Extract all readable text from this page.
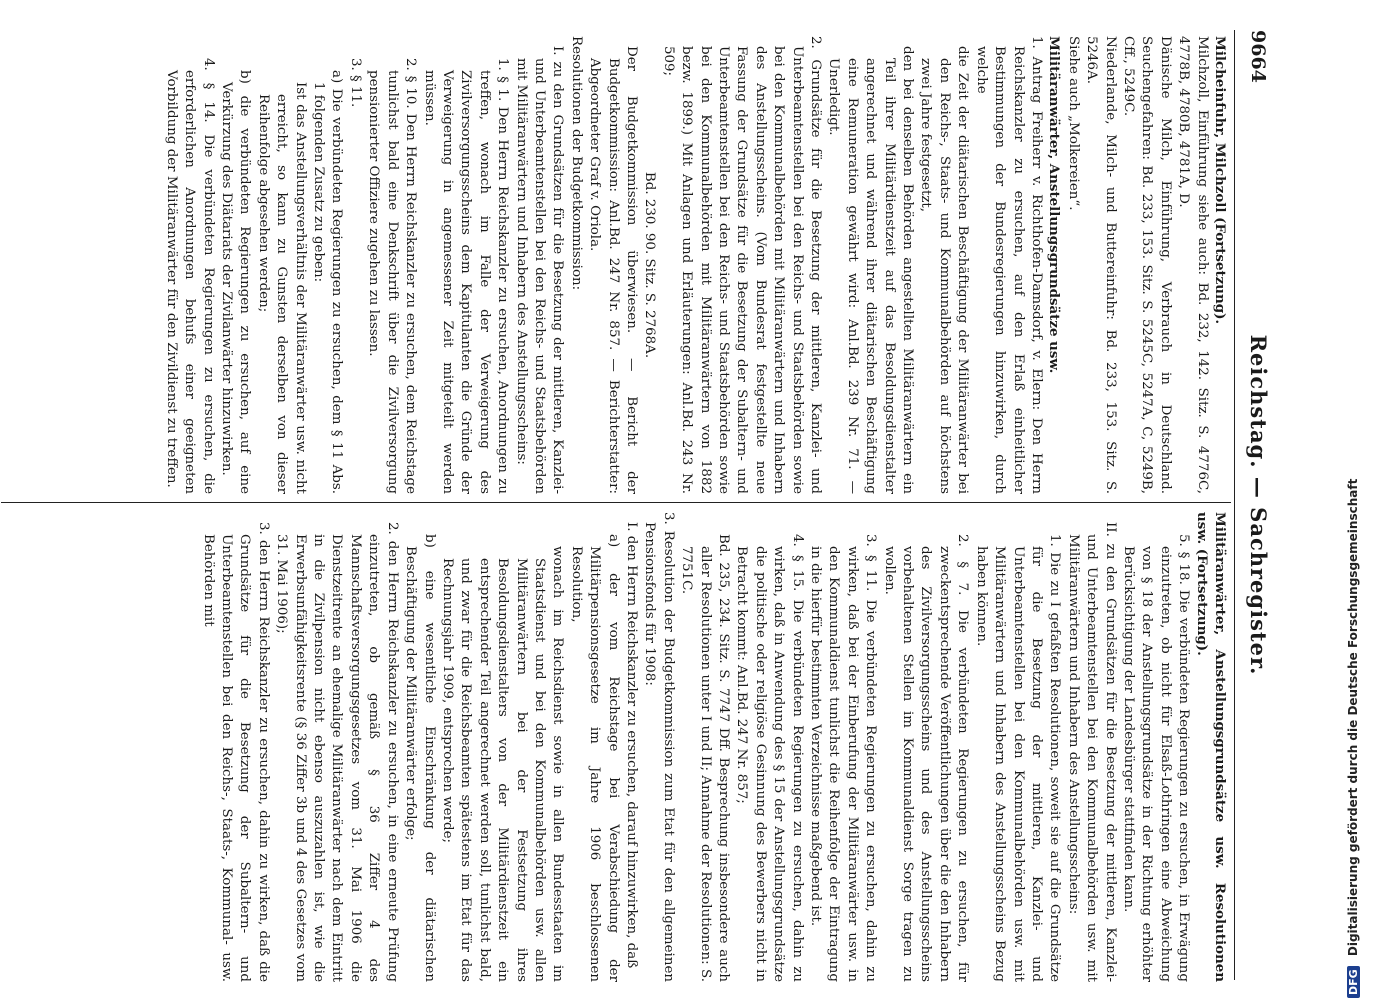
9664
Reichstag. — Sachregister.

Milcheinfuhr, Milchzoll (Fortsetzung).

Milchzoll, Einführung siehe auch: Bd. 232, 142. Sitz. S. 4776C, 4778B, 4780B, 4781A, D.

Dänische Milch, Einführung, Verbrauch in Deutschland. Seuchengefahren: Bd. 233, 153. Sitz. S. 5245C, 5247A, C, 5249B, Cff., 5249C.

Niederlande, Milch- und Buttereinfuhr: Bd. 233, 153. Sitz. S. 5246A.

Siehe auch „Molkereien“.

Militäranwärter, Anstellungsgrundsätze usw.

1. Antrag Freiherr v. Richthofen-Damsdorf, v. Elern: Den Herrn Reichskanzler zu ersuchen, auf den Erlaß einheitlicher Bestimmungen der Bundesregierungen hinzuwirken, durch welche

die Zeit der diätarischen Beschäftigung der Militäranwärter bei den Reichs-, Staats- und Kommunalbehörden auf höchstens zwei Jahre festgesetzt,

den bei denselben Behörden angestellten Militäranwärtern ein Teil ihrer Militärdienstzeit auf das Besoldungsdienstalter angerechnet und während ihrer diätarischen Beschäftigung eine Remuneration gewährt wird: Anl.Bd. 239 Nr. 71. — Unerledigt.

2. Grundsätze für die Besetzung der mittleren, Kanzlei- und Unterbeamtenstellen bei den Reichs- und Staatsbehörden sowie bei den Kommunalbehörden mit Militäranwärtern und Inhabern des Anstellungsscheins. (Vom Bundesrat festgestellte neue Fassung der Grundsätze für die Besetzung der Subaltern- und Unterbeamtenstellen bei den Reichs- und Staatsbehörden sowie bei den Kommunalbehörden mit Militäranwärtern von 1882 bezw. 1899.) Mit Anlagen und Erläuterungen: Anl.Bd. 243 Nr. 509;

Bd. 230. 90. Sitz. S. 2768A.

Der Budgetkommission überwiesen. — Bericht der Budgetkommission: Anl.Bd. 247 Nr. 857. — Berichterstatter: Abgeordneter Graf v. Oriola.

Resolutionen der Budgetkommission:

I. zu den Grundsätzen für die Besetzung der mittleren, Kanzlei- und Unterbeamtenstellen bei den Reichs- und Staatsbehörden mit Militäranwärtern und Inhabern des Anstellungsscheins:

1. § 1. Den Herrn Reichskanzler zu ersuchen, Anordnungen zu treffen, wonach im Falle der Verweigerung des Zivilversorgungsscheins dem Kapitulanten die Gründe der Verweigerung in angemessener Zeit mitgeteilt werden müssen.

2. § 10. Den Herrn Reichskanzler zu ersuchen, dem Reichstage tunlichst bald eine Denkschrift über die Zivilversorgung pensionierter Offiziere zugehen zu lassen.

3. § 11.

a) Die verbündeten Regierungen zu ersuchen, dem § 11 Abs. 1 folgenden Zusatz zu geben:

Ist das Anstellungsverhältnis der Militäranwärter usw. nicht erreicht, so kann zu Gunsten derselben von dieser Reihenfolge abgesehen werden;

b) die verbündeten Regierungen zu ersuchen, auf eine Verkürzung des Diätariats der Zivilanwärter hinzuwirken.

4. § 14. Die verbündeten Regierungen zu ersuchen, die erforderlichen Anordnungen behufs einer geeigneten Vorbildung der Militäranwärter für den Zivildienst zu treffen.

Militäranwärter, Anstellungsgrundsätze usw. Resolutionen usw. (Fortsetzung).

5. § 18. Die verbündeten Regierungen zu ersuchen, in Erwägung einzutreten, ob nicht für Elsaß-Lothringen eine Abweichung von § 18 der Anstellungsgrundsätze in der Richtung erhöhter Berücksichtigung der Landesbürger stattfinden kann.

II. zu den Grundsätzen für die Besetzung der mittleren, Kanzlei- und Unterbeamtenstellen bei den Kommunalbehörden usw. mit Militäranwärtern und Inhabern des Anstellungsscheins:

1. Die zu I gefaßten Resolutionen, soweit sie auf die Grundsätze für die Besetzung der mittleren, Kanzlei- und Unterbeamtenstellen bei den Kommunalbehörden usw. mit Militäranwärtern und Inhabern des Anstellungsscheins Bezug haben können.

2. § 7. Die verbündeten Regierungen zu ersuchen, für zweckentsprechende Veröffentlichungen über die den Inhabern des Zivilversorgungsscheins und des Anstellungsscheins vorbehaltenen Stellen im Kommunaldienst Sorge tragen zu wollen.

3. § 11. Die verbündeten Regierungen zu ersuchen, dahin zu wirken, daß bei der Einberufung der Militäranwärter usw. in den Kommunaldienst tunlichst die Reihenfolge der Eintragung in die hierfür bestimmten Verzeichnisse maßgebend ist.

4. § 15. Die verbündeten Regierungen zu ersuchen, dahin zu wirken, daß in Anwendung des § 15 der Anstellungsgrundsätze die politische oder religiöse Gesinnung des Bewerbers nicht in Betracht kommt: Anl.Bd. 247 Nr. 857;

Bd. 235, 234. Sitz. S. 7747 Dff. Besprechung insbesondere auch aller Resolutionen unter I und II; Annahme der Resolutionen: S. 7751C.

3. Resolution der Budgetkommission zum Etat für den allgemeinen Pensionsfonds für 1908:

I. den Herrn Reichskanzler zu ersuchen, darauf hinzuwirken, daß

a) der vom Reichstage bei Verabschiedung der Militärpensionsgesetze im Jahre 1906 beschlossenen Resolution,

wonach im Reichsdienst sowie in allen Bundesstaaten im Staatsdienst und bei den Kommunalbehörden usw. allen Militäranwärtern bei der Festsetzung ihres Besoldungsdienstalters von der Militärdienstzeit ein entsprechender Teil angerechnet werden soll, tunlichst bald, und zwar für die Reichsbeamten spätestens im Etat für das Rechnungsjahr 1909, entsprochen werde;

b) eine wesentliche Einschränkung der diätarischen Beschäftigung der Militäranwärter erfolge;

2. den Herrn Reichskanzler zu ersuchen, in eine erneute Prüfung einzutreten, ob gemäß § 36 Ziffer 4 des Mannschaftsversorgungsgesetzes vom 31. Mai 1906 die Dienstzeitrente an ehemalige Militäranwärter nach dem Eintritt in die Zivilpension nicht ebenso auszuzahlen ist, wie die Erwerbsunfähigkeitsrente (§ 36 Ziffer 3b und 4 des Gesetzes vom 31. Mai 1906);

3. den Herrn Reichskanzler zu ersuchen, dahin zu wirken, daß die Grundsätze für die Besetzung der Subaltern- und Unterbeamtenstellen bei den Reichs-, Staats-, Kommunal- usw. Behörden mit

DFG Digitalisierung gefördert durch die Deutsche Forschungsgemeinschaft
